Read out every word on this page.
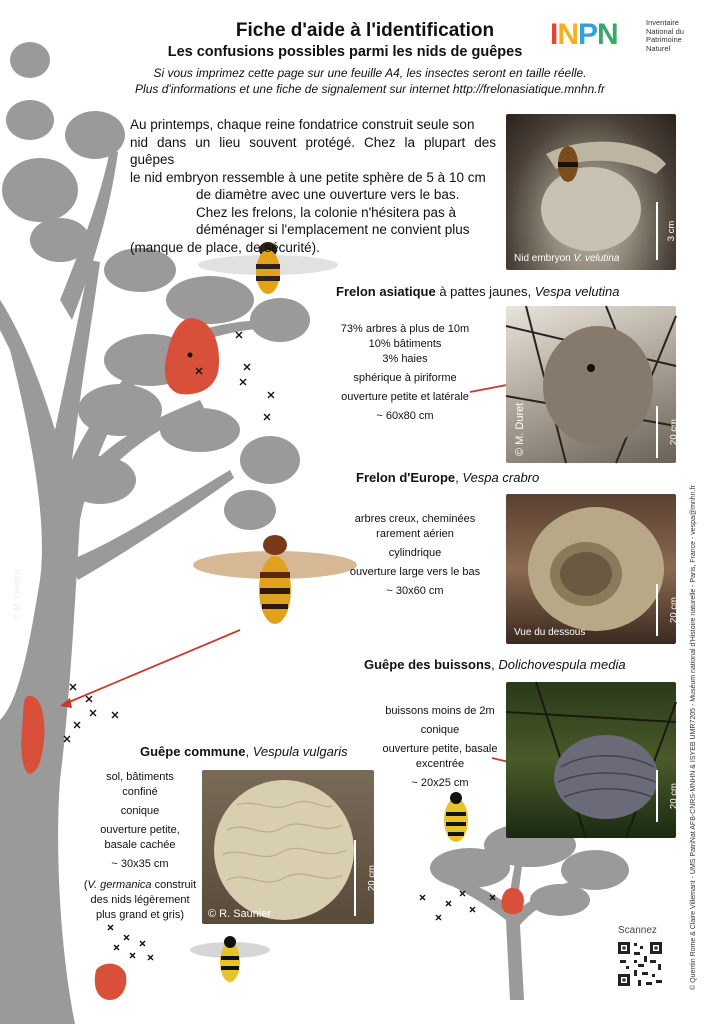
Fiche d'aide à l'identification
Les confusions possibles parmi les nids de guêpes
Si vous imprimez cette page sur une feuille A4, les insectes seront en taille réelle.
Plus d'informations et une fiche de signalement sur internet http://frelonasiatique.mnhn.fr
INPN	Inventaire
National du
Patrimoine
Naturel
Au printemps, chaque reine fondatrice construit seule son
nid dans un lieu souvent protégé. Chez la plupart des guêpes
le nid embryon ressemble à une petite sphère de 5 à 10 cm
de diamètre avec une ouverture vers le bas.
Chez les frelons, la colonie n'hésitera pas à
déménager si l'emplacement ne convient plus
(manque de place, de sécurité).
Nid embryon V. velutina
3 cm
Frelon asiatique à pattes jaunes, Vespa velutina
73% arbres à plus de 10m
10% bâtiments
3% haies
sphérique à piriforme
ouverture petite et latérale
~ 60x80 cm	© M. Duret	20 cm
Frelon d'Europe, Vespa crabro
arbres creux, cheminées
rarement aérien
cylindrique
ouverture large vers le bas
~ 30x60 cm
Vue du dessous
20 cm
Guêpe des buissons, Dolichovespula media
buissons moins de 2m
conique
ouverture petite, basale
excentrée
~ 20x25 cm
20 cm
Guêpe commune, Vespula vulgaris
sol, bâtiments
confiné
conique
ouverture petite,
basale cachée
~ 30x35 cm
(V. germanica construit
des nids légèrement
plus grand et gris)	© R. Saunier
20 cm
© M. Delétre	© Quentin Rome & Claire Villemant - UMS PatriNat AFB-CNRS-MNHN & ISYEB UMR7205 - Muséum national d'Histoire naturelle - Paris, France - vespa@mnhn.fr
Scannez
